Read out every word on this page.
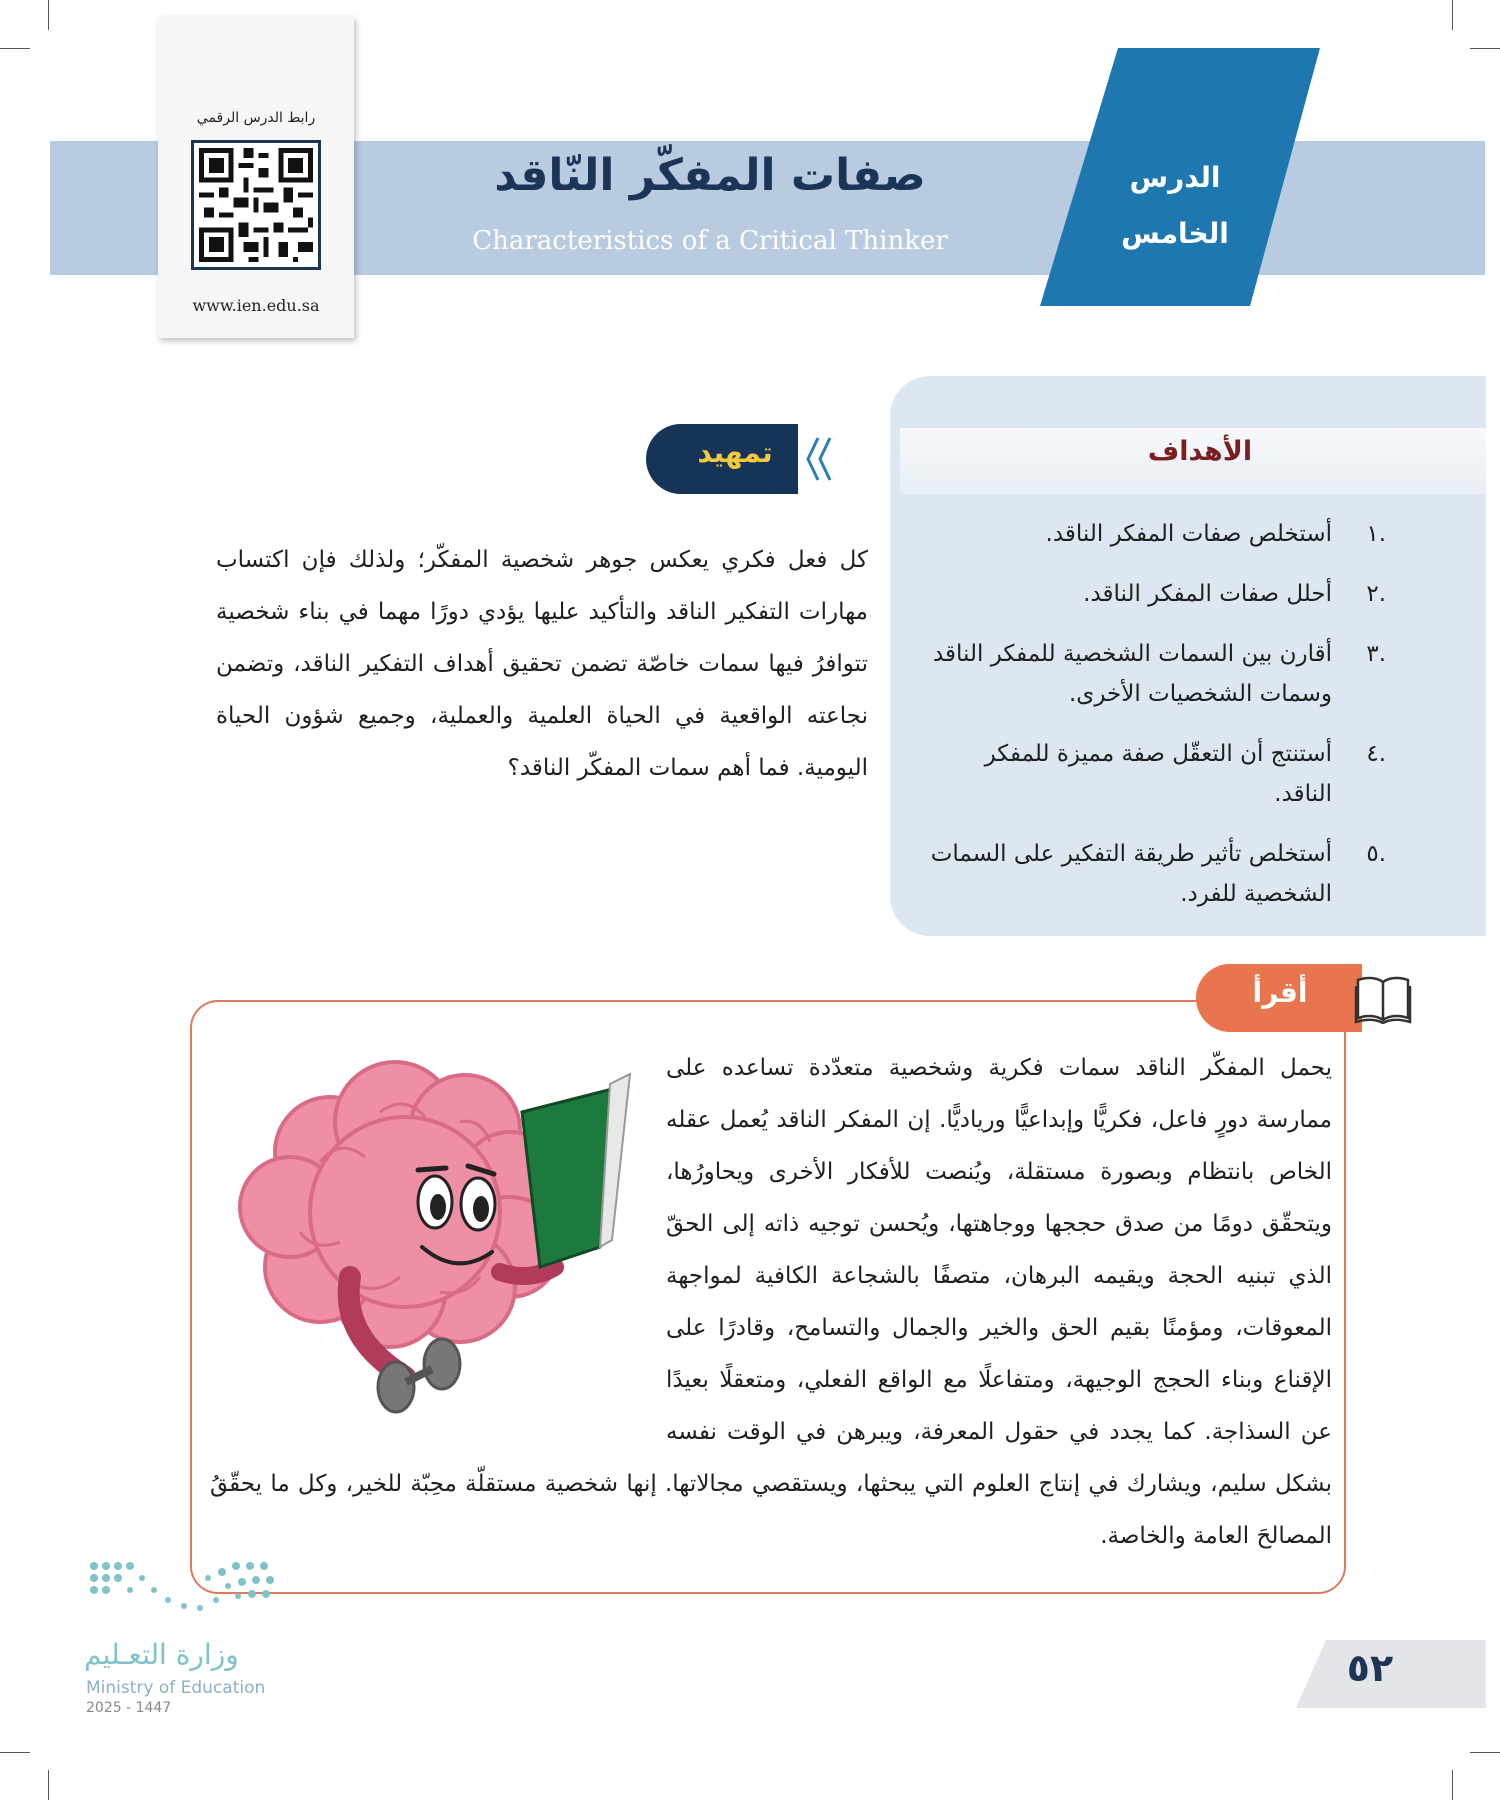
صفات المفكّر النّاقد
Characteristics of a Critical Thinker
الدرس
الخامس
رابط الدرس الرقمي
www.ien.edu.sa
الأهداف
.١
أستخلص صفات المفكر الناقد.
.٢
أحلل صفات المفكر الناقد.
.٣
أقارن بين السمات الشخصية للمفكر الناقد وسمات الشخصيات الأخرى.
.٤
أستنتج أن التعقّل صفة مميزة للمفكر الناقد.
.٥
أستخلص تأثير طريقة التفكير على السمات الشخصية للفرد.
تمهيد
كل فعل فكري يعكس جوهر شخصية المفكّر؛ ولذلك فإن اكتساب مهارات التفكير الناقد والتأكيد عليها يؤدي دورًا مهما في بناء شخصية تتوافرُ فيها سمات خاصّة تضمن تحقيق أهداف التفكير الناقد، وتضمن نجاعته الواقعية في الحياة العلمية والعملية، وجميع شؤون الحياة اليومية. فما أهم سمات المفكّر الناقد؟
أقرأ
يحمل المفكّر الناقد سمات فكرية وشخصية متعدّدة تساعده على ممارسة دورٍ فاعل، فكريًّا وإبداعيًّا ورياديًّا. إن المفكر الناقد يُعمل عقله الخاص بانتظام وبصورة مستقلة، ويُنصت للأفكار الأخرى ويحاورُها، ويتحقّق دومًا من صدق حججها ووجاهتها، ويُحسن توجيه ذاته إلى الحقّ الذي تبنيه الحجة ويقيمه البرهان، متصفًا بالشجاعة الكافية لمواجهة المعوقات، ومؤمنًا بقيم الحق والخير والجمال والتسامح، وقادرًا على الإقناع وبناء الحجج الوجيهة، ومتفاعلًا مع الواقع الفعلي، ومتعقلًا بعيدًا عن السذاجة. كما يجدد في حقول المعرفة، ويبرهن في الوقت نفسه بشكل سليم، ويشارك في إنتاج العلوم التي يبحثها، ويستقصي مجالاتها. إنها شخصية مستقلّة محِبّة للخير، وكل ما يحقّقُ المصالحَ العامة والخاصة.
وزارة التعـليم
Ministry of Education
2025 - 1447
٥٢
